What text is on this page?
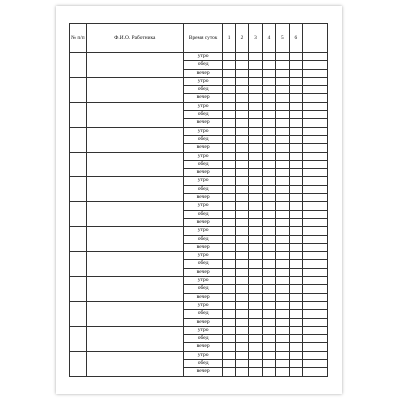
№ п/п	Ф.И.О. Работника	Время суток	1	2	3	4	5	6	
		утро							
		обед							
		вечер							
		утро							
		обед							
		вечер							
		утро							
		обед							
		вечер							
		утро							
		обед							
		вечер							
		утро							
		обед							
		вечер							
		утро							
		обед							
		вечер							
		утро							
		обед							
		вечер							
		утро							
		обед							
		вечер							
		утро							
		обед							
		вечер							
		утро							
		обед							
		вечер							
		утро							
		обед							
		вечер							
		утро							
		обед							
		вечер							
		утро							
		обед							
		вечер							
